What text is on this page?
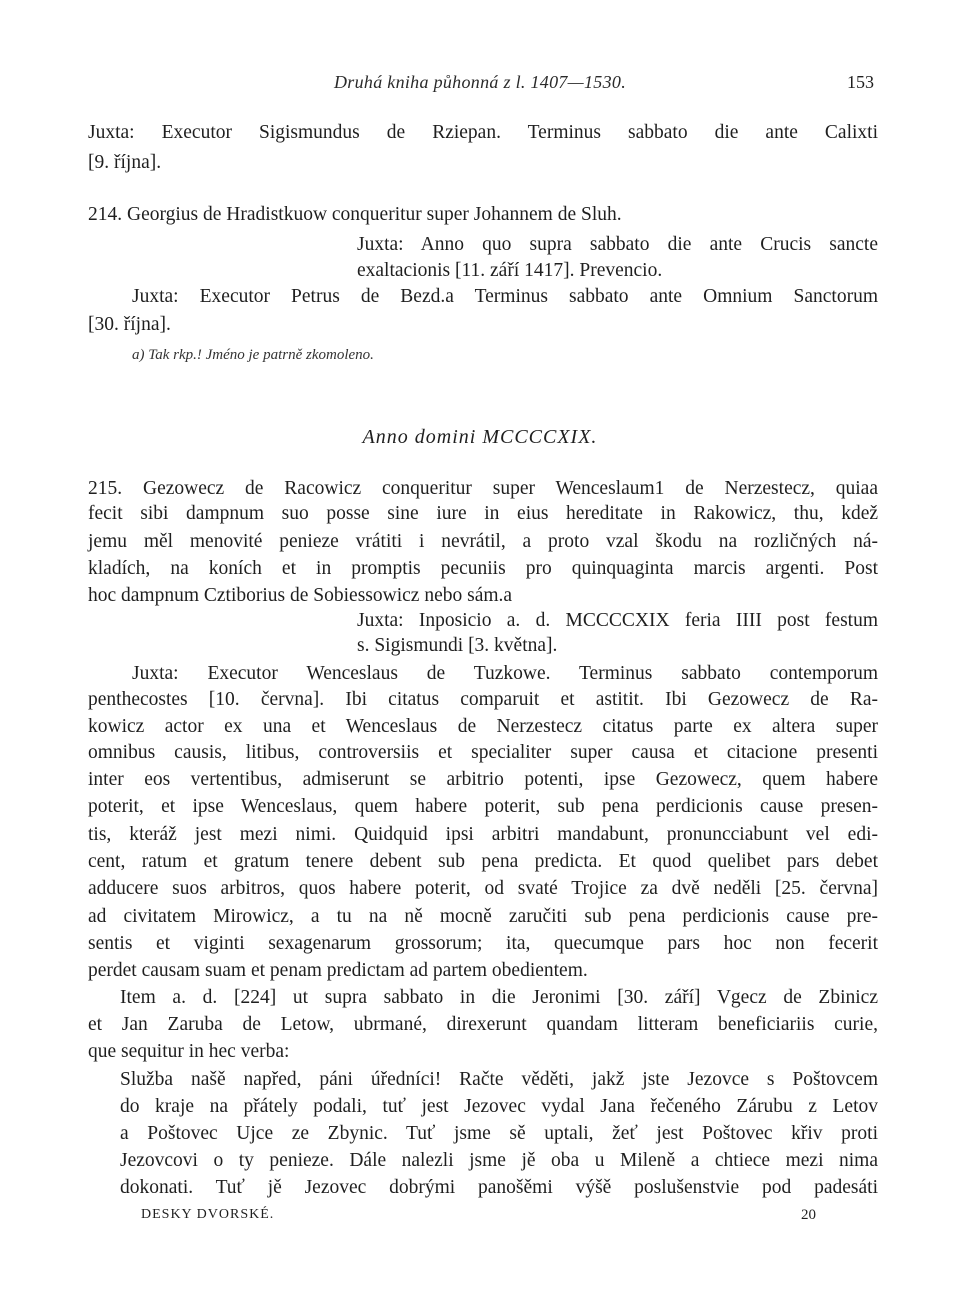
Druhá kniha půhonná z l. 1407—1530.	153
Juxta: Executor Sigismundus de Rziepan. Terminus sabbato die ante Calixti
[9. října].
214. Georgius de Hradistkuow conqueritur super Johannem de Sluh.
Juxta: Anno quo supra sabbato die ante Crucis sancte
exaltacionis [11. září 1417]. Prevencio.
Juxta: Executor Petrus de Bezd.a Terminus sabbato ante Omnium Sanctorum
[30. října].
a) Tak rkp.! Jméno je patrně zkomoleno.
Anno domini MCCCCXIX.
215. Gezowecz de Racowicz conqueritur super Wenceslaum1 de Nerzestecz, quiaa
fecit sibi dampnum suo posse sine iure in eius hereditate in Rakowicz, thu, kdež
jemu měl menovité penieze vrátiti i nevrátil, a proto vzal škodu na rozličných ná-
kladích, na koních et in promptis pecuniis pro quinquaginta marcis argenti. Post
hoc dampnum Cztiborius de Sobiessowicz nebo sám.a
Juxta: Inposicio a. d. MCCCCXIX feria IIII post festum
s. Sigismundi [3. května].
Juxta: Executor Wenceslaus de Tuzkowe. Terminus sabbato contemporum
penthecostes [10. června]. Ibi citatus comparuit et astitit. Ibi Gezowecz de Ra-
kowicz actor ex una et Wenceslaus de Nerzestecz citatus parte ex altera super
omnibus causis, litibus, controversiis et specialiter super causa et citacione presenti
inter eos vertentibus, admiserunt se arbitrio potenti, ipse Gezowecz, quem habere
poterit, et ipse Wenceslaus, quem habere poterit, sub pena perdicionis cause presen-
tis, kteráž jest mezi nimi. Quidquid ipsi arbitri mandabunt, pronuncciabunt vel edi-
cent, ratum et gratum tenere debent sub pena predicta. Et quod quelibet pars debet
adducere suos arbitros, quos habere poterit, od svaté Trojice za dvě neděli [25. června]
ad civitatem Mirowicz, a tu na ně mocně zaručiti sub pena perdicionis cause pre-
sentis et viginti sexagenarum grossorum; ita, quecumque pars hoc non fecerit
perdet causam suam et penam predictam ad partem obedientem.
Item a. d. [224] ut supra sabbato in die Jeronimi [30. září] Vgecz de Zbinicz
et Jan Zaruba de Letow, ubrmané, direxerunt quandam litteram beneficiariis curie,
que sequitur in hec verba:
Služba našě napřed, páni úředníci! Račte věděti, jakž jste Jezovce s Poštovcem
do kraje na přátely podali, tuť jest Jezovec vydal Jana řečeného Zárubu z Letov
a Poštovec Ujce ze Zbynic. Tuť jsme sě uptali, žeť jest Poštovec křiv proti
Jezovcovi o ty penieze. Dále nalezli jsme jě oba u Mileně a chtiece mezi nima
dokonati. Tuť jě Jezovec dobrými panošěmi výšě poslušenstvie pod padesáti
DESKY DVORSKÉ.	20
